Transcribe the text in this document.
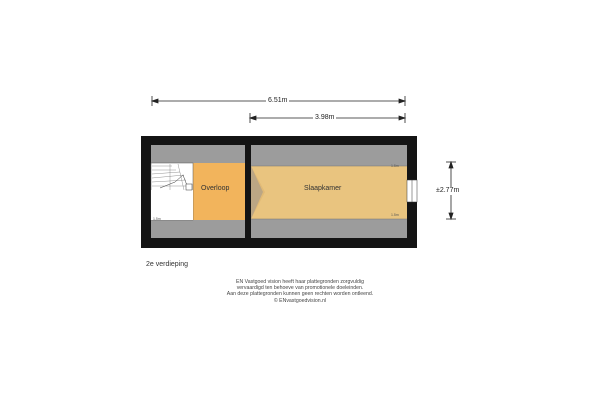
6.51m
3.98m
±2.77m
Overloop	Slaapkamer
1.5m
1.5m
1,5m
2e verdieping
EN Vastgoed vision heeft haar plattegronden zorgvuldig
vervaardigd ten behoeve van promotionele doeleinden.
Aan deze plattegronden kunnen geen rechten worden ontleend.
© ENvastgoedvision.nl
